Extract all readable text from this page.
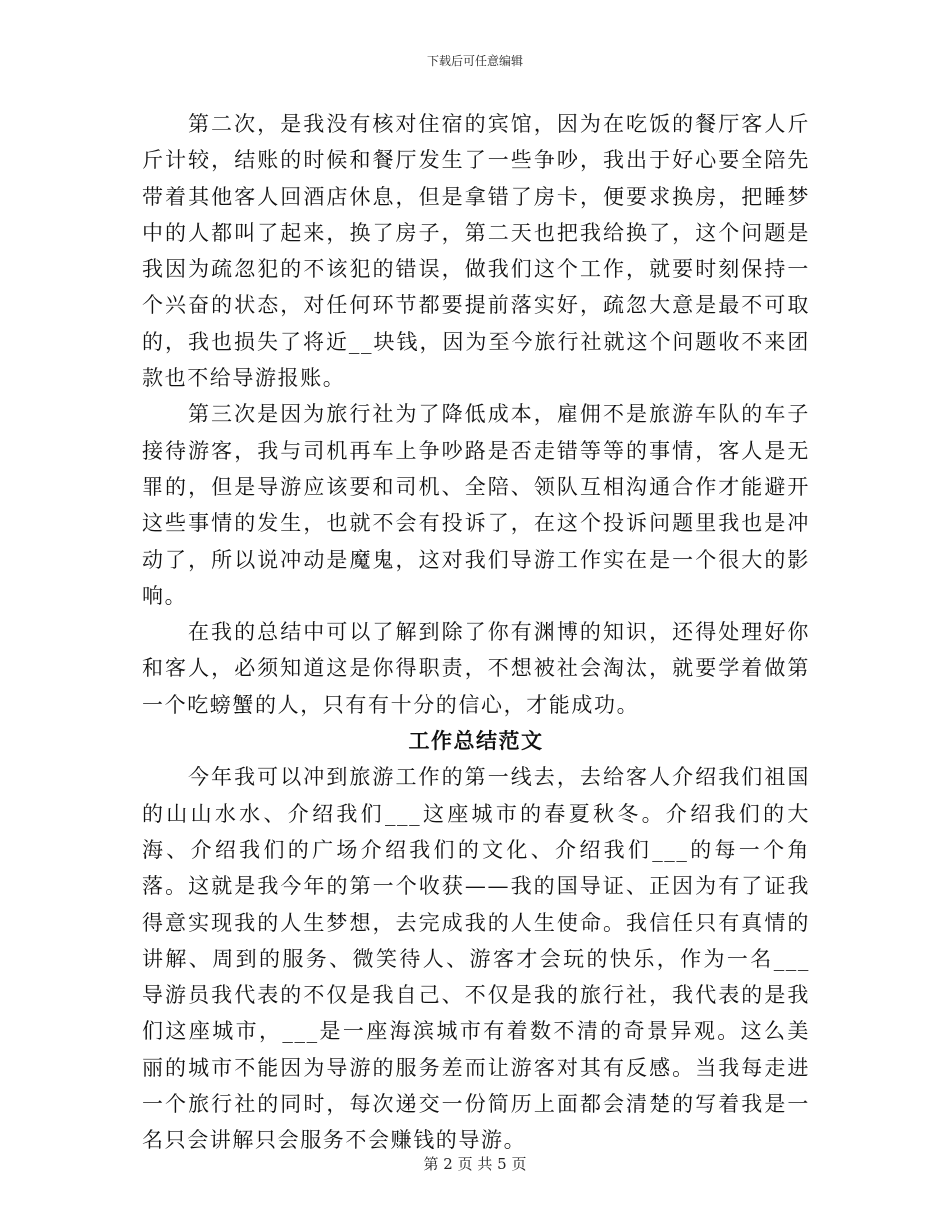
下载后可任意编辑

第二次，是我没有核对住宿的宾馆，因为在吃饭的餐厅客人斤斤计较，结账的时候和餐厅发生了一些争吵，我出于好心要全陪先带着其他客人回酒店休息，但是拿错了房卡，便要求换房，把睡梦中的人都叫了起来，换了房子，第二天也把我给换了，这个问题是我因为疏忽犯的不该犯的错误，做我们这个工作，就要时刻保持一个兴奋的状态，对任何环节都要提前落实好，疏忽大意是最不可取的，我也损失了将近__块钱，因为至今旅行社就这个问题收不来团款也不给导游报账。

第三次是因为旅行社为了降低成本，雇佣不是旅游车队的车子接待游客，我与司机再车上争吵路是否走错等等的事情，客人是无罪的，但是导游应该要和司机、全陪、领队互相沟通合作才能避开这些事情的发生，也就不会有投诉了，在这个投诉问题里我也是冲动了，所以说冲动是魔鬼，这对我们导游工作实在是一个很大的影响。

在我的总结中可以了解到除了你有渊博的知识，还得处理好你和客人，必须知道这是你得职责，不想被社会淘汰，就要学着做第一个吃螃蟹的人，只有有十分的信心，才能成功。

工作总结范文

今年我可以冲到旅游工作的第一线去，去给客人介绍我们祖国的山山水水、介绍我们___这座城市的春夏秋冬。介绍我们的大海、介绍我们的广场介绍我们的文化、介绍我们___的每一个角落。这就是我今年的第一个收获——我的国导证、正因为有了证我得意实现我的人生梦想，去完成我的人生使命。我信任只有真情的讲解、周到的服务、微笑待人、游客才会玩的快乐，作为一名___导游员我代表的不仅是我自己、不仅是我的旅行社，我代表的是我们这座城市，___是一座海滨城市有着数不清的奇景异观。这么美丽的城市不能因为导游的服务差而让游客对其有反感。当我每走进一个旅行社的同时，每次递交一份简历上面都会清楚的写着我是一名只会讲解只会服务不会赚钱的导游。

第 2 页 共 5 页
